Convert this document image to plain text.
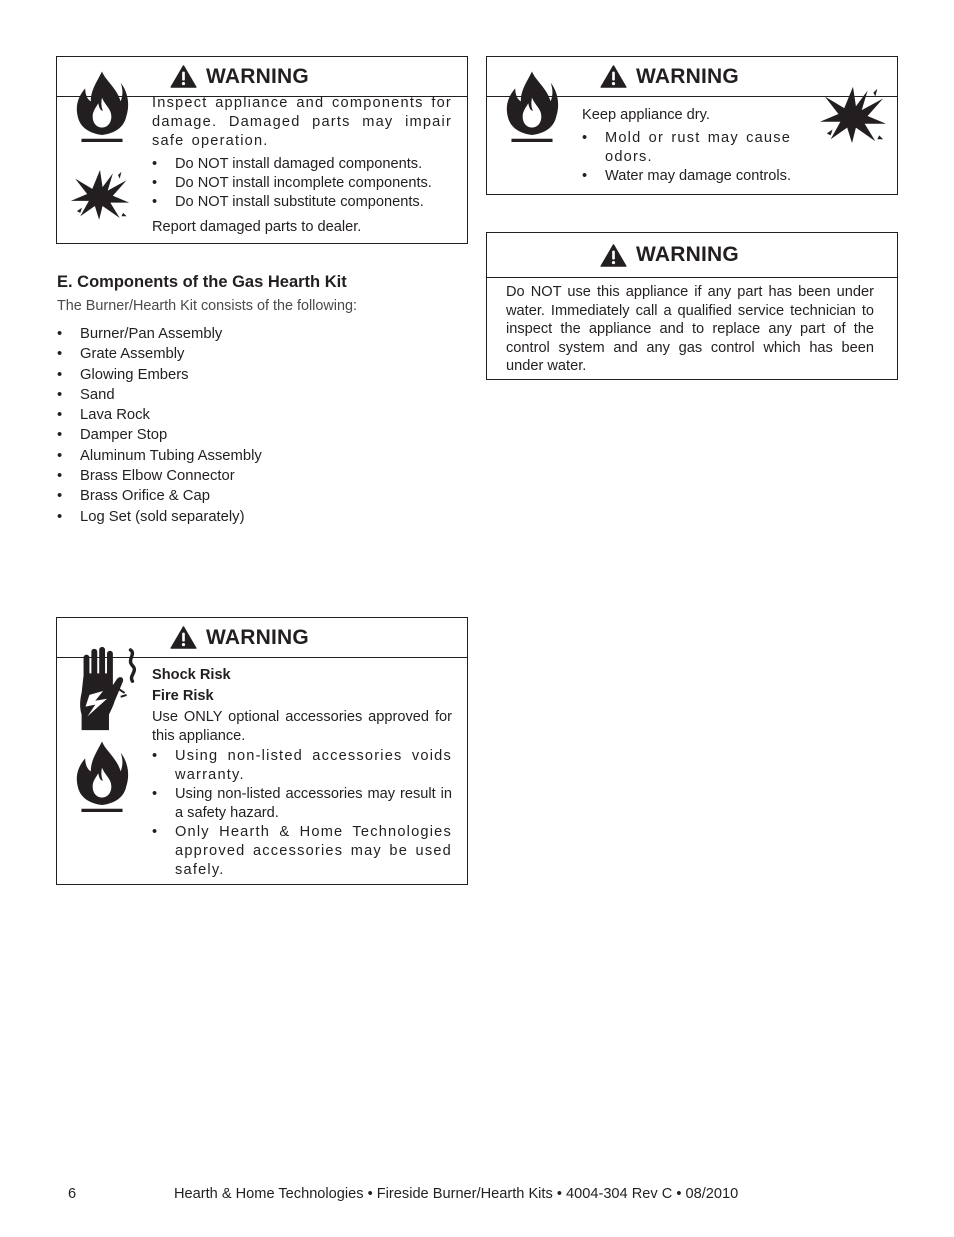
WARNING

Inspect appliance and components for damage. Damaged parts may impair safe operation.

• Do NOT install damaged components.
• Do NOT install incomplete components.
• Do NOT install substitute components.

Report damaged parts to dealer.

WARNING

Keep appliance dry.

• Mold or rust may cause odors.
• Water may damage controls.
WARNING

Do NOT use this appliance if any part has been under water. Immediately call a qualified service technician to inspect the appliance and to replace any part of the control system and any gas control which has been under water.

E. Components of the Gas Hearth Kit

The Burner/Hearth Kit consists of the following:

• Burner/Pan Assembly
• Grate Assembly
• Glowing Embers
• Sand
• Lava Rock
• Damper Stop
• Aluminum Tubing Assembly
• Brass Elbow Connector
• Brass Orifice & Cap
• Log Set (sold separately)
WARNING

Shock Risk

Fire Risk

Use ONLY optional accessories approved for this appliance.

• Using non-listed accessories voids warranty.
• Using non-listed accessories may result in a safety hazard.
• Only Hearth & Home Technologies approved accessories may be used safely.
6	Hearth & Home Technologies • Fireside Burner/Hearth Kits • 4004-304 Rev C • 08/2010
